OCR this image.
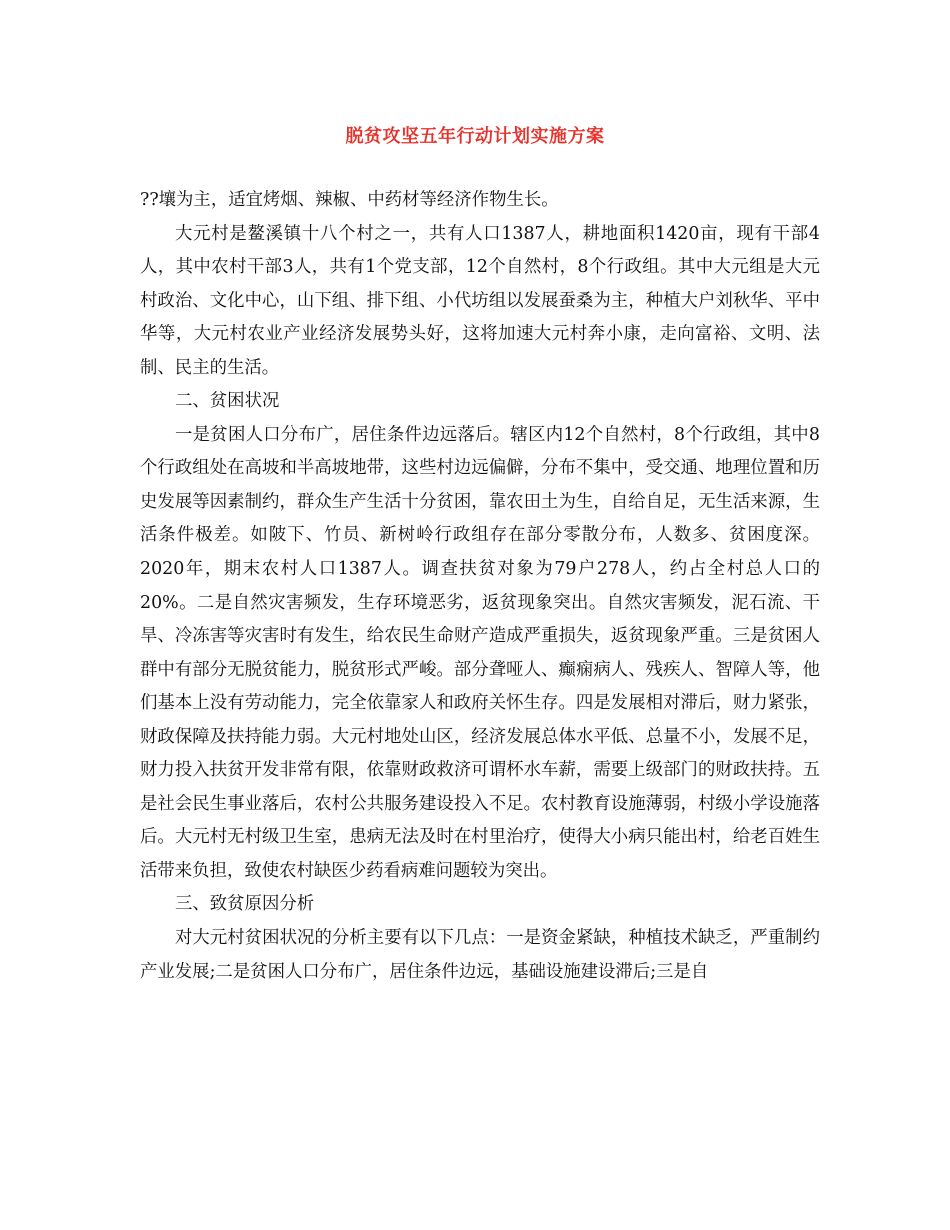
脱贫攻坚五年行动计划实施方案

??壤为主，适宜烤烟、辣椒、中药材等经济作物生长。

大元村是鳌溪镇十八个村之一，共有人口1387人，耕地面积1420亩，现有干部4人，其中农村干部3人，共有1个党支部，12个自然村，8个行政组。其中大元组是大元村政治、文化中心，山下组、排下组、小代坊组以发展蚕桑为主，种植大户刘秋华、平中华等，大元村农业产业经济发展势头好，这将加速大元村奔小康，走向富裕、文明、法制、民主的生活。

二、贫困状况

一是贫困人口分布广，居住条件边远落后。辖区内12个自然村，8个行政组，其中8个行政组处在高坡和半高坡地带，这些村边远偏僻，分布不集中，受交通、地理位置和历史发展等因素制约，群众生产生活十分贫困，靠农田土为生，自给自足，无生活来源，生活条件极差。如陂下、竹员、新树岭行政组存在部分零散分布，人数多、贫困度深。2020年，期末农村人口1387人。调查扶贫对象为79户278人，约占全村总人口的20%。二是自然灾害频发，生存环境恶劣，返贫现象突出。自然灾害频发，泥石流、干旱、冷冻害等灾害时有发生，给农民生命财产造成严重损失，返贫现象严重。三是贫困人群中有部分无脱贫能力，脱贫形式严峻。部分聋哑人、癫痫病人、残疾人、智障人等，他们基本上没有劳动能力，完全依靠家人和政府关怀生存。四是发展相对滞后，财力紧张，财政保障及扶持能力弱。大元村地处山区，经济发展总体水平低、总量不小，发展不足，财力投入扶贫开发非常有限，依靠财政救济可谓杯水车薪，需要上级部门的财政扶持。五是社会民生事业落后，农村公共服务建设投入不足。农村教育设施薄弱，村级小学设施落后。大元村无村级卫生室，患病无法及时在村里治疗，使得大小病只能出村，给老百姓生活带来负担，致使农村缺医少药看病难问题较为突出。

三、致贫原因分析

对大元村贫困状况的分析主要有以下几点：一是资金紧缺，种植技术缺乏，严重制约产业发展;二是贫困人口分布广，居住条件边远，基础设施建设滞后;三是自
